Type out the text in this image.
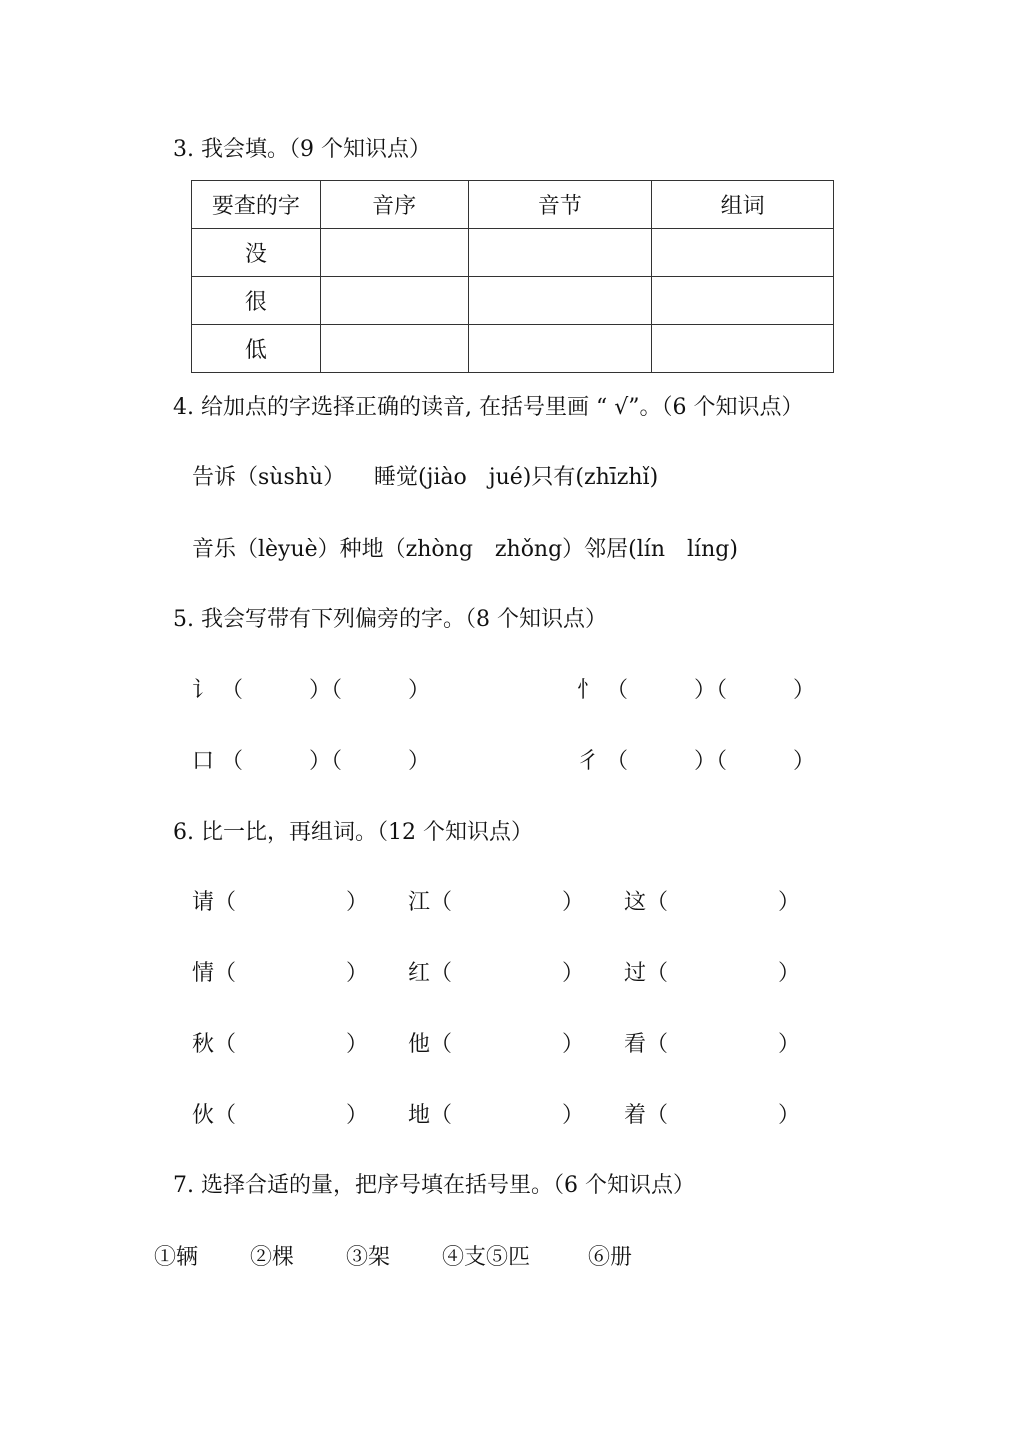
3. 我会填。（9 个知识点）
要查的字	音序	音节	组词
没			
很			
低			
4. 给加点的字选择正确的读音, 在括号里画 “ √”。（6 个知识点）
告诉（sùshù） 睡觉(jiào　jué)只有(zhīzhǐ)
音乐（lèyuè）种地（zhòng　zhǒng）邻居(lín　líng)
5. 我会写带有下列偏旁的字。（8 个知识点）
讠 （　　　）（　　　）	忄 （　　　）（　　　）
口 （　　　）（　　　）	彳 （　　　）（　　　）
6. 比一比，再组词。（12 个知识点）
请（　　　　　） 江（　　　　　） 这（　　　　　）
情（　　　　　） 红（　　　　　） 过（　　　　　）
秋（　　　　　） 他（　　　　　） 看（　　　　　）
伙（　　　　　） 地（　　　　　） 着（　　　　　）
7. 选择合适的量，把序号填在括号里。（6 个知识点）
①辆 ②棵 ③架 ④支⑤匹	⑥册
